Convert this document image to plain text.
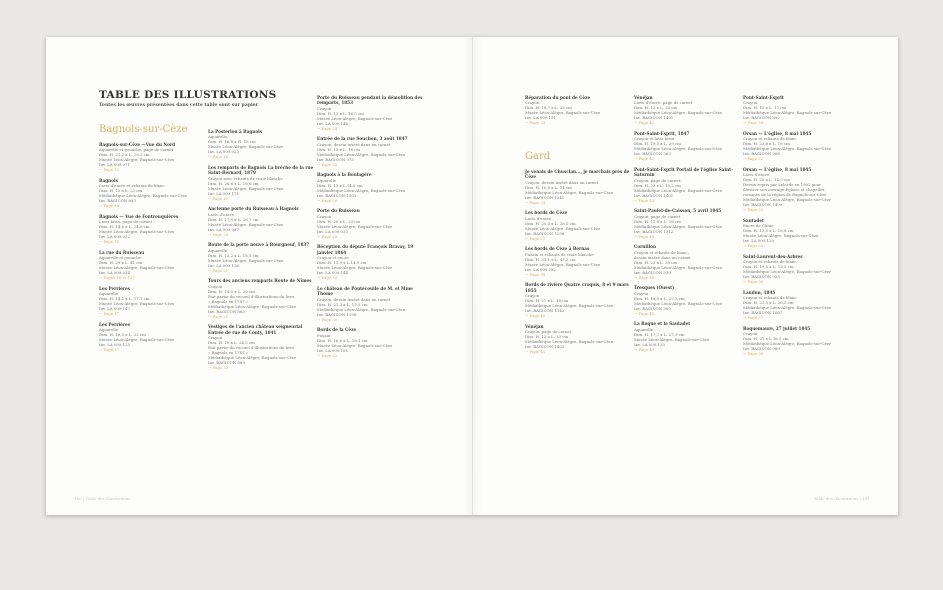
TABLE DES ILLUSTRATIONS

Toutes les œuvres présentées dans cette table sont sur papier

Bagnols-sur-Cèze
Gard
Bagnols-sur-Cèze —Vue du Nord
Aquarelle et gouache, page de carnet
Dim. H. 21,2 x L. 29,2 cm
Musée Léon-Alègre, Bagnols-sur-Cèze
Inv. LA 009.071
→ Page 12
Bagnols
Lavis d'encre et rehauts de blanc
Dim. H. 15 x L. 23 cm
Médiathèque Léon-Alègre, Bagnols-sur-Cèze
Inv. BAGICON 893
→ Page 14
Bagnols — Vue de Fontrouquières
Lavis brun, page de carnet
Dim. H. 14,8 x L. 24,9 cm
Musée Léon-Alègre, Bagnols-sur-Cèze
Inv. LA 009.032
→ Page 15
La rue du Ruisseau
Aquarelle et gouache
Dim. H. 29 x L. 41 cm
Musée Léon-Alègre, Bagnols-sur-Cèze
Inv. LA 009.034
→ Pages 16 et 137
Les Perrières
Aquarelle
Dim. H. 14,1 x L. 17,7 cm
Musée Léon-Alègre, Bagnols-sur-Cèze
Inv. LA 009.147
→ Page 17
Les Perrières
Aquarelle
Dim. H. 16,5 x L. 22 cm
Musée Léon-Alègre, Bagnols-sur-Cèze
Inv. LA 009.125
→ Page 17
La Posterlou à Bagnols
Aquarelle
Dim. H. 16,8 x H. 15 cm
Musée Léon-Alègre, Bagnols-sur-Cèze
Inv. LA 009.025
→ Page 18
Les remparts de Bagnols La brèche de la rue Saint-Bernard, 1879
Crayon avec rehauts de craie blanche
Dim. H. 26,6 x L. 18,6 cm
Musée Léon-Alègre, Bagnols-sur-Cèze
Inv. LA 009.175
→ Page 19
Ancienne porte du Ruisseau à Bagnols
Lavis d'encre
Dim. H. 17,9 x L. 26,7 cm
Musée Léon-Alègre, Bagnols-sur-Cèze
Inv. LA 009.087
→ Page 20
Route de la porte neuve à Bourgneuf, 1837
Aquarelle
Dim. H. 13,2 x L. 18,5 cm
Musée Léon-Alègre, Bagnols-sur-Cèze
Inv. LA 009.136
→ Page 21
Tours des anciens remparts Route de Nîmes
Crayon
Dim. H. 14,5 x L. 20 cm
Fait partie du recueil d'illustrations du livre
« Bagnols en 1787 »
Médiathèque Léon-Alègre, Bagnols-sur-Cèze
Inv. BAGICON 883
→ Page 22
Vestiges de l'ancien château seigneurial Entrée de rue de Conty, 1841
Crayon
Dim. H. 19 x L. 24,5 cm
Fait partie du recueil d'illustrations du livre
« Bagnols en 1787 »
Médiathèque Léon-Alègre, Bagnols-sur-Cèze
Inv. BAGICON 889
→ Page 23
Porte du Ruisseau pendant la démolition des remparts, 1853
Crayon
Dim. H. 13 x L. 16,5 cm
Musée Léon-Alègre, Bagnols-sur-Cèze
Inv. LA 009.146
→ Page 24
Entrée de la rue Souchon, 3 août 1847
Crayon, dessin inséré dans un carnet
Dim. H. 13 x L. 16 cm
Médiathèque Léon-Alègre, Bagnols-sur-Cèze
Inv. BAGICON 975
→ Page 25
Bagnols à la Boulagère
Aquarelle
Dim. H. 11 x L.14,5 cm
Médiathèque Léon-Alègre, Bagnols-sur-Cèze
Inv. BAGICON 1303
→ Page 26
Porte du Ruisseau
Crayon
Dim. H. 20 x L. 23 cm
Musée Léon-Alègre, Bagnols-sur-Cèze
Inv. LA 009.033
→ Page 28
Réception du député François Bravay, 19 janvier 1864
Crayon et encre
Dim. H. 11,9 x L.14,9 cm
Musée Léon-Alègre, Bagnols-sur-Cèze
Inv. LA 009.144
→ Page 29
Le château de Pontecoulle de M. et Mme Thome
Crayon, dessin inséré dans un carnet
Dim. H. 21,3 x L. 15,5 cm
Médiathèque Léon-Alègre, Bagnols-sur-Cèze
Inv. BAGICON 1158
→ Page 30
Bords de la Cèze
Fusain
Dim. H. 16,6 x L. 18,1 cm
Musée Léon-Alègre, Bagnols-sur-Cèze
Inv. LA 009.101
→ Page 32
Réparation du pont de Cèze
Crayon
Dim. H. 18,7 x L. 25 cm
Musée Léon-Alègre, Bagnols-sur-Cèze
Inv. LA 009.191
→ Page 33
Je venais de Chusclan..., je marchais près de Cèze
Crayon, dessin inséré dans un carnet
Dim. H. 10,8 x L. 14 cm
Médiathèque Léon-Alègre, Bagnols-sur-Cèze
Inv. BAGICON 1341
→ Page 34
Les bords de Cèze
Lavis d'encre
Dim. H. 20,5 x L. 28,5 cm
Musée Léon-Alègre, Bagnols-sur-Cèze
Inv. BAGICON 1258
→ Page 37
Les bords de Cèze à Bernas
Fusain et rehauts de craie blanche
Dim. H. 33,1 x L. 43,2 cm
Musée Léon-Alègre, Bagnols-sur-Cèze
Inv. LA 009.282
→ Page 38
Bords de rivière Quatre croquis, 8 et 9 mars 1855
Crayon
Dim. H. 27 x L. 18 cm
Médiathèque Léon-Alègre, Bagnols-sur-Cèze
Inv. BAGICON 1142
→ Page 40
Vénéjan
Crayon, page de carnet
Dim. H. 13 x L. 23 cm
Médiathèque Léon-Alègre, Bagnols-sur-Cèze
Inv. BAGICON 1402
→ Page 41
Vénéjan
Lavis d'encre, page de carnet
Dim. H. 13 x L. 23 cm
Médiathèque Léon-Alègre, Bagnols-sur-Cèze
Inv. BAGICON 1401
→ Page 41
Pont-Saint-Esprit, 1847
Crayon et lavis brun
Dim. H. 19,5 x L. 29 cm
Médiathèque Léon-Alègre, Bagnols-sur-Cèze
Inv. BAGICON 963
→ Page 42
Pont-Saint-Esprit Portail de l'église Saint-Saturnin
Crayon, page de carnet
Dim. H. 23 x L. 13,2 cm
Médiathèque Léon-Alègre, Bagnols-sur-Cèze
Inv. BAGICON 1401
→ Page 45
Saint-Paulet-de-Caisson, 5 avril 1845
Crayon, page de carnet
Dim. H. 11,8 x L. 16 cm
Médiathèque Léon-Alègre, Bagnols-sur-Cèze
Inv. BAGICON 1312
→ Page 48
Cornillon
Crayon et rehauts de blanc,
dessin inséré dans un carnet
Dim. H. 23 x L. 35 cm
Médiathèque Léon-Alègre, Bagnols-sur-Cèze
Inv. BAGICON 930
→ Page 48
Tresques (Ouest)
Crayon
Dim. H. 18,5 x L. 27,5 cm
Médiathèque Léon-Alègre, Bagnols-sur-Cèze
Inv. BAGICON 900
→ Page 48
La Roque et le Sautadet
Aquarelle
Dim. H. 17,7 x L. 27,9 cm
Musée Léon-Alègre, Bagnols-sur-Cèze
Inv. LA 009.135
→ Page 49
Pont-Saint-Esprit
Crayon
Dim. H. 15 x L. 17 cm
Médiathèque Léon-Alègre, Bagnols-sur-Cèze
Inv. BAGICON 892
→ Page 50
Orsan — L'église, 8 mai 1845
Crayon et rehauts de blanc
Dim. H. 23,8 x L. 19 cm
Médiathèque Léon-Alègre, Bagnols-sur-Cèze
Inv. BAGICON 968
→ Page 52
Orsan — L'église, 8 mai 1845
Lavis d'encre
Dim. H. 20 x L. 14,5 cm
Dessin repris par Lelarde en 1902 pour
illustrer son ouvrage Églises et chapelles
romanes de la région de Bagnols-sur-Cèze
Médiathèque Léon-Alègre, Bagnols-sur-Cèze
Inv. BAGICON 1409
→ Page 53
Sautadet
Encre de Chine
Dim. H. 13,5 x L. 18,8 cm
Musée Léon-Alègre, Bagnols-sur-Cèze
Inv. LA 009.120
→ Page 55
Saint-Laurent-des-Arbres
Crayon et rehauts de blanc
Dim. H. 19,5 x L. 13,5 cm
Médiathèque Léon-Alègre, Bagnols-sur-Cèze
Inv. BAGICON 925
→ Page 56
Laudun, 1845
Crayon et rehauts de blanc
Dim. H. 21,5 x L. 26,5 cm
Médiathèque Léon-Alègre, Bagnols-sur-Cèze
Inv. BAGICON 1067
→ Page 57
Roquemaure, 27 juillet 1845
Crayon
Dim. H. 21 x L.16,5 cm
Médiathèque Léon-Alègre, Bagnols-sur-Cèze
Inv. BAGICON 969
→ Page 58
180 | Table des illustrations	Table des illustrations | 181
